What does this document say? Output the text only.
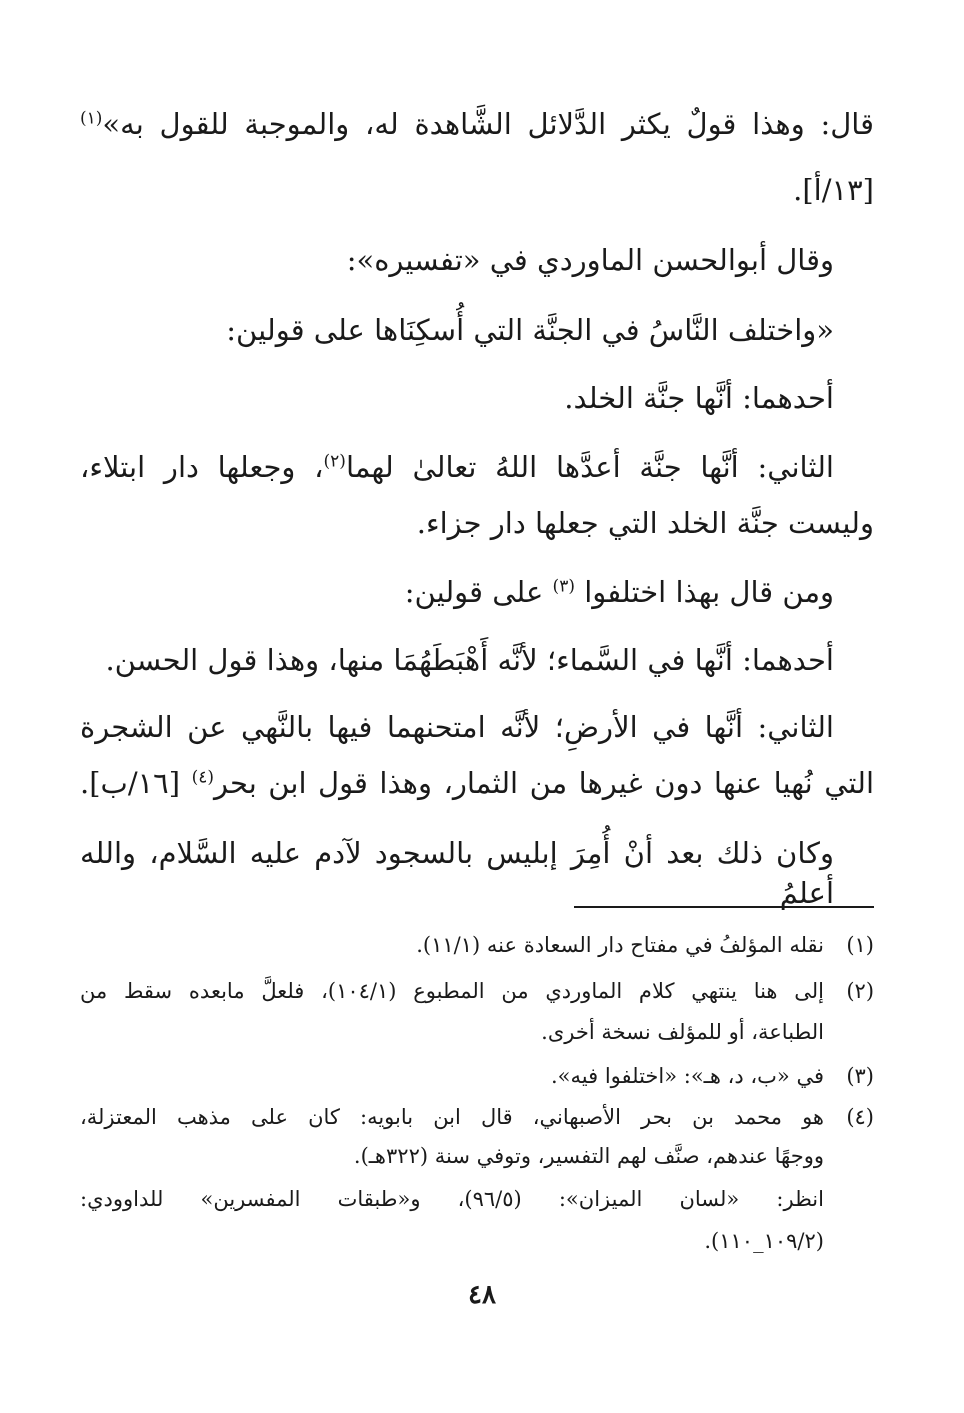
قال: وهذا قولٌ يكثر الدَّلائل الشَّاهدة له، والموجبة للقول به»$^{(١)}$
[١٣/أ].
وقال أبوالحسن الماوردي في «تفسيره»:
«واختلف النَّاسُ في الجنَّة التي أُسكِنَاها على قولين:
أحدهما: أنَّها جنَّة الخلد.
الثاني: أنَّها جنَّة أعدَّها اللهُ تعالىٰ لهما$^{(٢)}$، وجعلها دار ابتلاء،
وليست جنَّة الخلد التي جعلها دار جزاء.
ومن قال بهذا اختلفوا $^{(٣)}$ على قولين:
أحدهما: أنَّها في السَّماء؛ لأنَّه أَهْبَطَهُمَا منها، وهذا قول الحسن.
الثاني: أنَّها في الأرضِ؛ لأنَّه امتحنهما فيها بالنَّهي عن الشجرة
التي نُهيا عنها دون غيرها من الثمار، وهذا قول ابن بحر$^{(٤)}$ [١٦/ب].
وكان ذلك بعد أنْ أُمِرَ إبليس بالسجود لآدم عليه السَّلام، والله أعلمُ
(١)نقله المؤلفُ في مفتاح دار السعادة عنه (١١/١).
(٢)إلى هنا ينتهي كلام الماوردي من المطبوع (١٠٤/١)، فلعلَّ مابعده سقط من
الطباعة، أو للمؤلف نسخة أخرى.
(٣)في «ب، د، هـ»: «اختلفوا فيه».
(٤)هو محمد بن بحر الأصبهاني، قال ابن بابويه: كان على مذهب المعتزلة،
ووجهًا عندهم، صنَّف لهم التفسير، وتوفي سنة (٣٢٢هـ).
انظر: «لسان الميزان»: (٩٦/٥)، و«طبقات المفسرين» للداوودي:
(١٠٩/٢_١١٠).
٤٨
